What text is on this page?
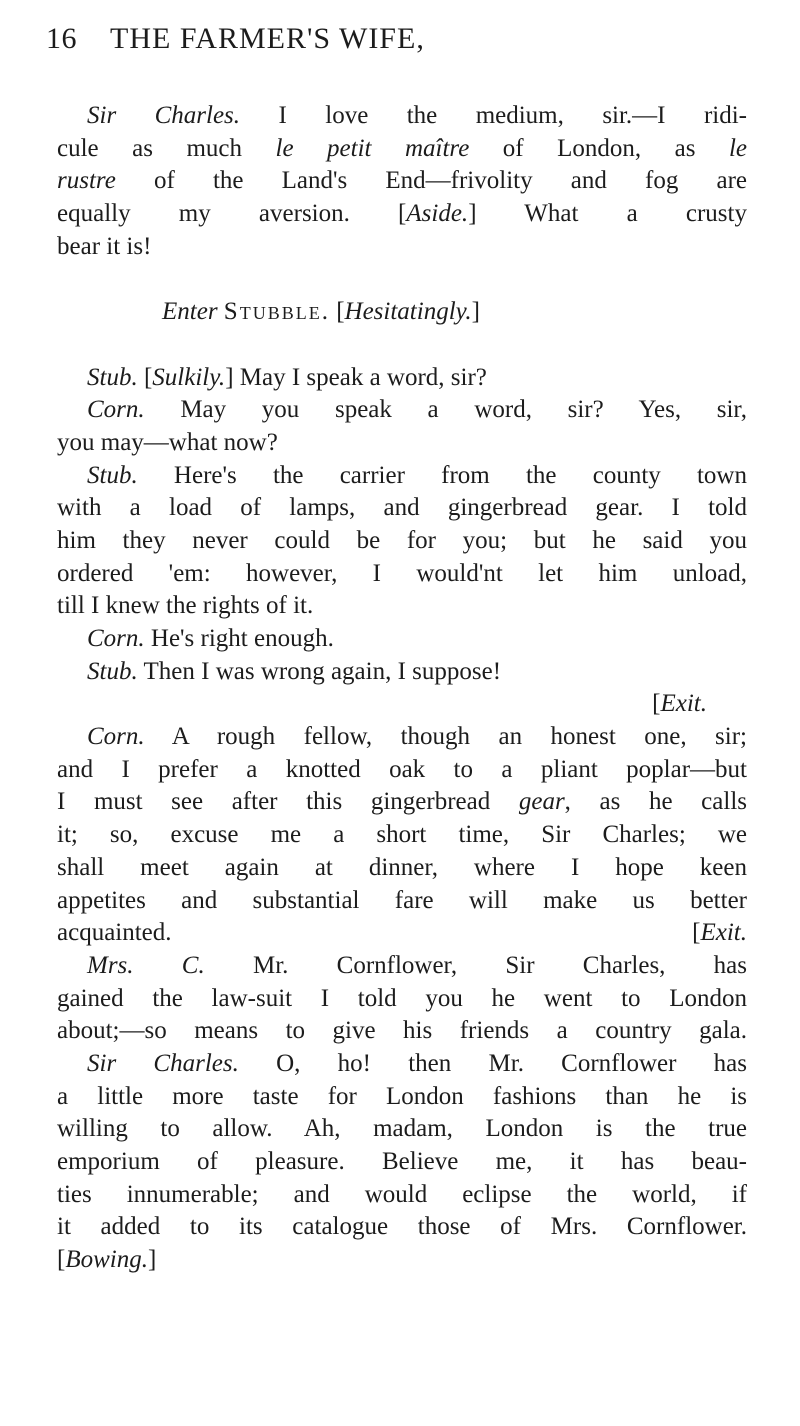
16 THE FARMER'S WIFE,
Sir Charles. I love the medium, sir.—I ridi-
cule as much le petit maître of London, as le
rustre of the Land's End—frivolity and fog are
equally my aversion. [Aside.] What a crusty
bear it is!
Enter Stubble. [Hesitatingly.]
Stub. [Sulkily.] May I speak a word, sir?
Corn. May you speak a word, sir? Yes, sir,
you may—what now?
Stub. Here's the carrier from the county town
with a load of lamps, and gingerbread gear. I told
him they never could be for you; but he said you
ordered 'em: however, I would'nt let him unload,
till I knew the rights of it.
Corn. He's right enough.
Stub. Then I was wrong again, I suppose!
[Exit.
Corn. A rough fellow, though an honest one, sir;
and I prefer a knotted oak to a pliant poplar—but
I must see after this gingerbread gear, as he calls
it; so, excuse me a short time, Sir Charles; we
shall meet again at dinner, where I hope keen
appetites and substantial fare will make us better
acquainted.	[Exit.
Mrs. C. Mr. Cornflower, Sir Charles, has
gained the law-suit I told you he went to London
about;—so means to give his friends a country gala.
Sir Charles. O, ho! then Mr. Cornflower has
a little more taste for London fashions than he is
willing to allow. Ah, madam, London is the true
emporium of pleasure. Believe me, it has beau-
ties innumerable; and would eclipse the world, if
it added to its catalogue those of Mrs. Cornflower.
[Bowing.]
